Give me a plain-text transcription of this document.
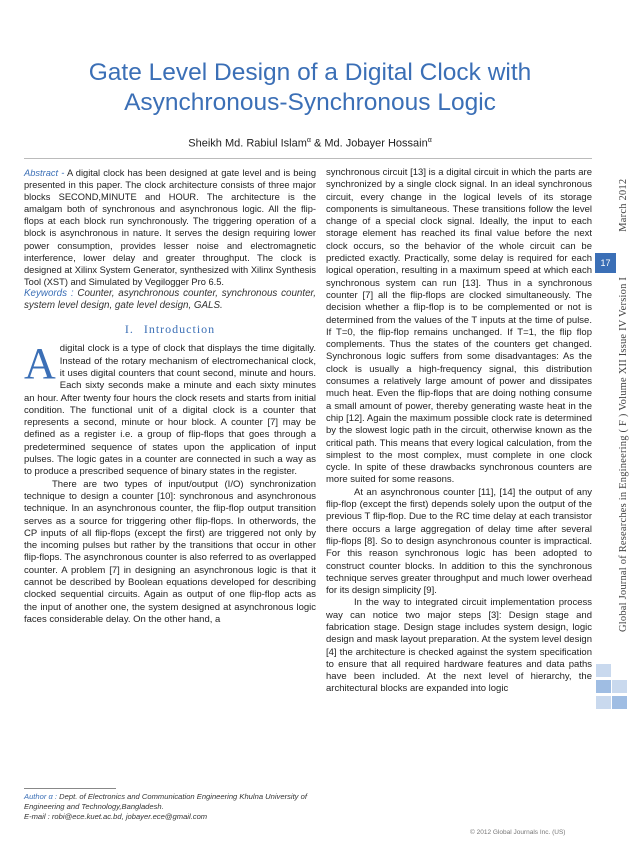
Gate Level Design of a Digital Clock with Asynchronous-Synchronous Logic
Sheikh Md. Rabiul Islam$^\alpha$ & Md. Jobayer Hossain$^\alpha$

Abstract - A digital clock has been designed at gate level and is being presented in this paper. The clock architecture consists of three major blocks SECOND,MINUTE and HOUR. The architecture is the amalgam both of synchronous and asynchronous logic. All the flip-flops at each block run synchronously. The triggering operation of a block is asynchronous in nature. It serves the design requiring lower power consumption, provides lesser noise and electromagnetic interference, lower delay and greater throughput. The clock is designed at Xilinx System Generator, synthesized with Xilinx Synthesis Tool (XST) and Simulated by Vegilogger Pro 6.5.

Keywords : Counter, asynchronous counter, synchronous counter, system level design, gate level design, GALS.

I. Introduction

A digital clock is a type of clock that displays the time digitally. Instead of the rotary mechanism of electromechanical clock, it uses digital counters that count second, minute and hours. Each sixty seconds make a minute and each sixty minutes an hour. After twenty four hours the clock resets and starts from initial condition. The functional unit of a digital clock is a counter that represents a second, minute or hour block. A counter [7] may be defined as a register i.e. a group of flip-flops that goes through a predetermined sequence of states upon the application of input pulses. The logic gates in a counter are connected in such a way as to produce a prescribed sequence of binary states in the register.

There are two types of input/output (I/O) synchronization technique to design a counter [10]: synchronous and asynchronous technique. In an asynchronous counter, the flip-flop output transition serves as a source for triggering other flip-flops. In otherwords, the CP inputs of all flip-flops (except the first) are triggered not only by the incoming pulses but rather by the transitions that occur in other flip-flops. The asynchronous counter is also referred to as overlapped counter. A problem [7] in designing an asynchronous logic is that it cannot be described by Boolean equations developed for describing clocked sequential circuits. Again as output of one flip-flop acts as the input of another one, the system designed at asynchronous logic faces considerable delay. On the other hand, a

synchronous circuit [13] is a digital circuit in which the parts are synchronized by a single clock signal. In an ideal synchronous circuit, every change in the logical levels of its storage components is simultaneous. These transitions follow the level change of a special clock signal. Ideally, the input to each storage element has reached its final value before the next clock occurs, so the behavior of the whole circuit can be predicted exactly. Practically, some delay is required for each logical operation, resulting in a maximum speed at which each synchronous system can run [13]. Thus in a synchronous counter [7] all the flip-flops are clocked simultaneously. The decision whether a flip-flop is to be complemented or not is determined from the values of the T inputs at the time of pulse. If T=0, the flip-flop remains unchanged. If T=1, the flip flop complements. Thus the states of the counters get changed. Synchronous logic suffers from some disadvantages: As the clock is usually a high-frequency signal, this distribution consumes a relatively large amount of power and dissipates much heat. Even the flip-flops that are doing nothing consume a small amount of power, thereby generating waste heat in the chip [12]. Again the maximum possible clock rate is determined by the slowest logic path in the circuit, otherwise known as the critical path. This means that every logical calculation, from the simplest to the most complex, must complete in one clock cycle. In spite of these drawbacks synchronous counters are more suited for some reasons.

At an asynchronous counter [11], [14] the output of any flip-flop (except the first) depends solely upon the output of the previous T flip-flop. Due to the RC time delay at each transistor there occurs a large aggregation of delay time after several flip-flops [8]. So to design asynchronous counter is impractical. For this reason synchronous logic has been adopted to construct counter blocks. In addition to this the synchronous technique serves greater throughput and much lower overhead for its design simplicity [9].

In the way to integrated circuit implementation process way can notice two major steps [3]: Design stage and fabrication stage. Design stage includes system design, logic design and mask layout preparation. At the system level design [4] the architecture is checked against the system specification to ensure that all required hardware features and data paths have been included. At the next level of hierarchy, the architectural blocks are expanded into logic

Author α : Dept. of Electronics and Communication Engineering Khulna University of Engineering and Technology,Bangladesh.
E-mail : robi@ece.kuet.ac.bd, jobayer.ece@gmail.com
Global Journal of Researches in Engineering ( F ) Volume XII Issue IV Version I                March 2012
17
© 2012 Global Journals Inc. (US)
